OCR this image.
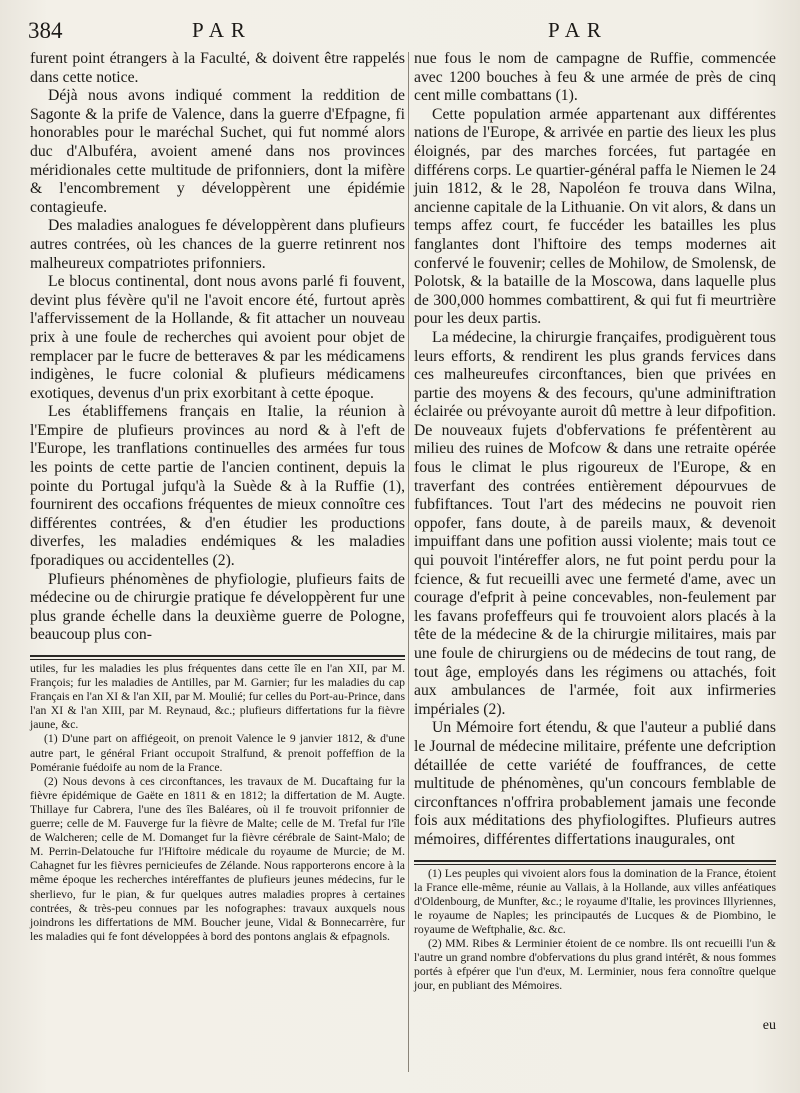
384	PAR	PAR

furent point étrangers à la Faculté, & doivent être rappelés dans cette notice.

Déjà nous avons indiqué comment la reddition de Sagonte & la prife de Valence, dans la guerre d'Efpagne, fi honorables pour le maréchal Suchet, qui fut nommé alors duc d'Albuféra, avoient amené dans nos provinces méridionales cette multitude de prifonniers, dont la mifère & l'encombrement y développèrent une épidémie contagieufe.

Des maladies analogues fe développèrent dans plufieurs autres contrées, où les chances de la guerre retinrent nos malheureux compatriotes prifonniers.

Le blocus continental, dont nous avons parlé fi fouvent, devint plus févère qu'il ne l'avoit encore été, furtout après l'affervissement de la Hollande, & fit attacher un nouveau prix à une foule de recherches qui avoient pour objet de remplacer par le fucre de betteraves & par les médicamens indigènes, le fucre colonial & plufieurs médicamens exotiques, devenus d'un prix exorbitant à cette époque.

Les établiffemens français en Italie, la réunion à l'Empire de plufieurs provinces au nord & à l'eft de l'Europe, les tranflations continuelles des armées fur tous les points de cette partie de l'ancien continent, depuis la pointe du Portugal jufqu'à la Suède & à la Ruffie (1), fournirent des occafions fréquentes de mieux connoître ces différentes contrées, & d'en étudier les productions diverfes, les maladies endémiques & les maladies fporadiques ou accidentelles (2).

Plufieurs phénomènes de phyfiologie, plufieurs faits de médecine ou de chirurgie pratique fe développèrent fur une plus grande échelle dans la deuxième guerre de Pologne, beaucoup plus con-

utiles, fur les maladies les plus fréquentes dans cette île en l'an XII, par M. François; fur les maladies de Antilles, par M. Garnier; fur les maladies du cap Français en l'an XI & l'an XII, par M. Moulié; fur celles du Port-au-Prince, dans l'an XI & l'an XIII, par M. Reynaud, &c.; plufieurs differtations fur la fièvre jaune, &c.

(1) D'une part on affiégeoit, on prenoit Valence le 9 janvier 1812, & d'une autre part, le général Friant occupoit Stralfund, & prenoit poffeffion de la Poméranie fuédoife au nom de la France.

(2) Nous devons à ces circonftances, les travaux de M. Ducaftaing fur la fièvre épidémique de Gaëte en 1811 & en 1812; la differtation de M. Augte. Thillaye fur Cabrera, l'une des îles Baléares, où il fe trouvoit prifonnier de guerre; celle de M. Fauverge fur la fièvre de Malte; celle de M. Trefal fur l'île de Walcheren; celle de M. Domanget fur la fièvre cérébrale de Saint-Malo; de M. Perrin-Delatouche fur l'Hiftoire médicale du royaume de Murcie; de M. Cahagnet fur les fièvres pernicieufes de Zélande. Nous rapporterons encore à la même époque les recherches intéreffantes de plufieurs jeunes médecins, fur le sherlievo, fur le pian, & fur quelques autres maladies propres à certaines contrées, & très-peu connues par les nofographes: travaux auxquels nous joindrons les differtations de MM. Boucher jeune, Vidal & Bonnecarrère, fur les maladies qui fe font développées à bord des pontons anglais & efpagnols.

nue fous le nom de campagne de Ruffie, commencée avec 1200 bouches à feu & une armée de près de cinq cent mille combattans (1).

Cette population armée appartenant aux différentes nations de l'Europe, & arrivée en partie des lieux les plus éloignés, par des marches forcées, fut partagée en différens corps. Le quartier-général paffa le Niemen le 24 juin 1812, & le 28, Napoléon fe trouva dans Wilna, ancienne capitale de la Lithuanie. On vit alors, & dans un temps affez court, fe fuccéder les batailles les plus fanglantes dont l'hiftoire des temps modernes ait confervé le fouvenir; celles de Mohilow, de Smolensk, de Polotsk, & la bataille de la Moscowa, dans laquelle plus de 300,000 hommes combattirent, & qui fut fi meurtrière pour les deux partis.

La médecine, la chirurgie françaifes, prodiguèrent tous leurs efforts, & rendirent les plus grands fervices dans ces malheureufes circonftances, bien que privées en partie des moyens & des fecours, qu'une adminiftration éclairée ou prévoyante auroit dû mettre à leur difpofition. De nouveaux fujets d'obfervations fe préfentèrent au milieu des ruines de Mofcow & dans une retraite opérée fous le climat le plus rigoureux de l'Europe, & en traverfant des contrées entièrement dépourvues de fubfiftances. Tout l'art des médecins ne pouvoit rien oppofer, fans doute, à de pareils maux, & devenoit impuiffant dans une pofition aussi violente; mais tout ce qui pouvoit l'intéreffer alors, ne fut point perdu pour la fcience, & fut recueilli avec une fermeté d'ame, avec un courage d'efprit à peine concevables, non-feulement par les favans profeffeurs qui fe trouvoient alors placés à la tête de la médecine & de la chirurgie militaires, mais par une foule de chirurgiens ou de médecins de tout rang, de tout âge, employés dans les régimens ou attachés, foit aux ambulances de l'armée, foit aux infirmeries impériales (2).

Un Mémoire fort étendu, & que l'auteur a publié dans le Journal de médecine militaire, préfente une defcription détaillée de cette variété de fouffrances, de cette multitude de phénomènes, qu'un concours femblable de circonftances n'offrira probablement jamais une feconde fois aux méditations des phyfiologiftes. Plufieurs autres mémoires, différentes differtations inaugurales, ont

(1) Les peuples qui vivoient alors fous la domination de la France, étoient la France elle-même, réunie au Vallais, à la Hollande, aux villes anféatiques d'Oldenbourg, de Munfter, &c.; le royaume d'Italie, les provinces Illyriennes, le royaume de Naples; les principautés de Lucques & de Piombino, le royaume de Weftphalie, &c. &c.

(2) MM. Ribes & Lerminier étoient de ce nombre. Ils ont recueilli l'un & l'autre un grand nombre d'obfervations du plus grand intérêt, & nous fommes portés à efpérer que l'un d'eux, M. Lerminier, nous fera connoître quelque jour, en publiant des Mémoires.

eu
